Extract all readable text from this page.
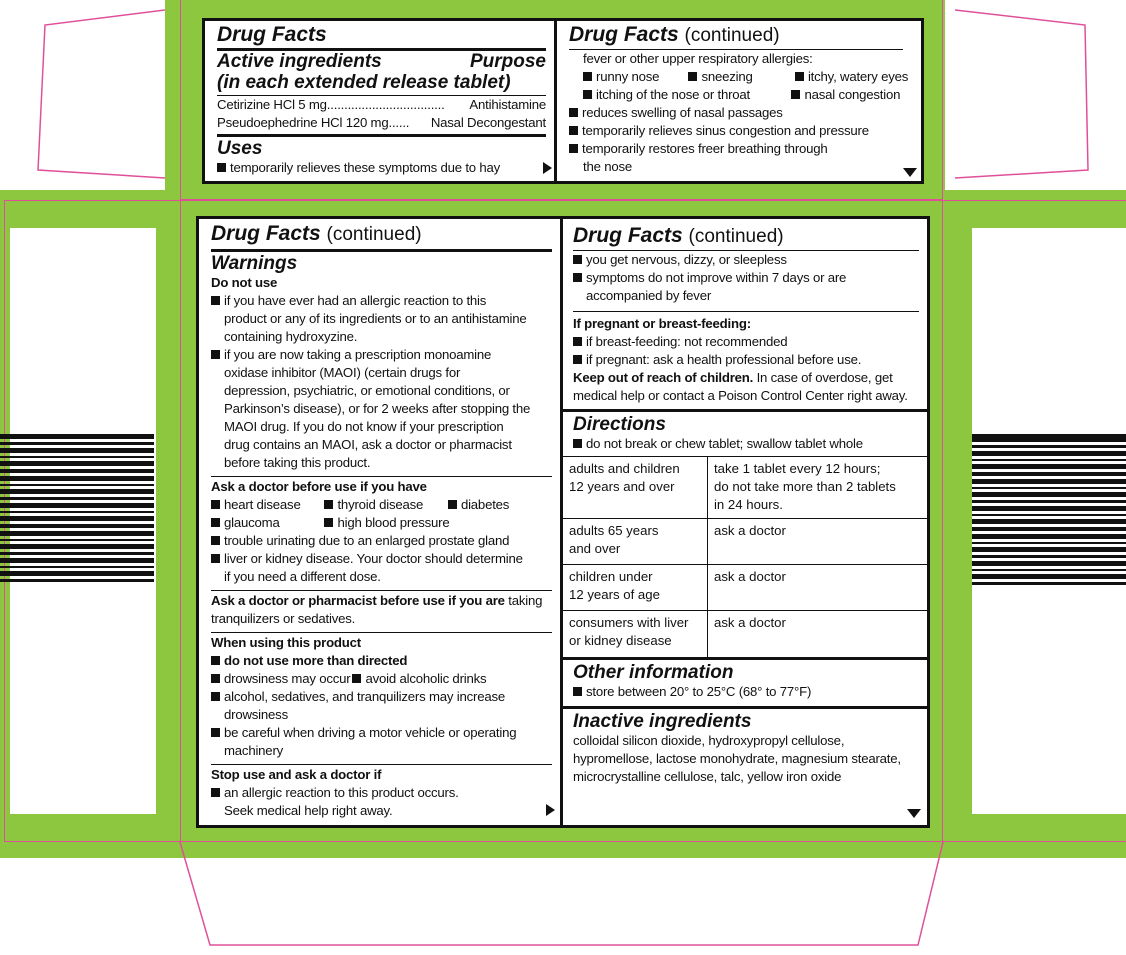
Drug Facts
Active ingredients	Purpose
(in each extended release tablet)
Cetirizine HCl 5 mg ..................................	Antihistamine
Pseudoephedrine HCl 120 mg ......	Nasal Decongestant
Uses
temporarily relieves these symptoms due to hay
Drug Facts (continued)
fever or other upper respiratory allergies:
runny nose	sneezing	itchy, watery eyes
itching of the nose or throat	nasal congestion
reduces swelling of nasal passages
temporarily relieves sinus congestion and pressure
temporarily restores freer breathing through
the nose
Drug Facts (continued)
Warnings
Do not use
if you have ever had an allergic reaction to this
product or any of its ingredients or to an antihistamine
containing hydroxyzine.
if you are now taking a prescription monoamine
oxidase inhibitor (MAOI) (certain drugs for
depression, psychiatric, or emotional conditions, or
Parkinson’s disease), or for 2 weeks after stopping the
MAOI drug. If you do not know if your prescription
drug contains an MAOI, ask a doctor or pharmacist
before taking this product.
Ask a doctor before use if you have
heart disease	thyroid disease	diabetes
glaucoma	high blood pressure
trouble urinating due to an enlarged prostate gland
liver or kidney disease. Your doctor should determine
if you need a different dose.
Ask a doctor or pharmacist before use if you are taking
tranquilizers or sedatives.
When using this product
do not use more than directed
drowsiness may occur avoid alcoholic drinks
alcohol, sedatives, and tranquilizers may increase
drowsiness
be careful when driving a motor vehicle or operating
machinery
Stop use and ask a doctor if
an allergic reaction to this product occurs.
Seek medical help right away.
Drug Facts (continued)
you get nervous, dizzy, or sleepless
symptoms do not improve within 7 days or are
accompanied by fever
If pregnant or breast-feeding:
if breast-feeding: not recommended
if pregnant: ask a health professional before use.
Keep out of reach of children. In case of overdose, get
medical help or contact a Poison Control Center right away.
Directions
do not break or chew tablet; swallow tablet whole
adults and children
12 years and over	take 1 tablet every 12 hours;
do not take more than 2 tablets
in 24 hours.
adults 65 years
and over	ask a doctor
children under
12 years of age	ask a doctor
consumers with liver
or kidney disease	ask a doctor
Other information
store between 20° to 25°C (68° to 77°F)
Inactive ingredients
colloidal silicon dioxide, hydroxypropyl cellulose,
hypromellose, lactose monohydrate, magnesium stearate,
microcrystalline cellulose, talc, yellow iron oxide
